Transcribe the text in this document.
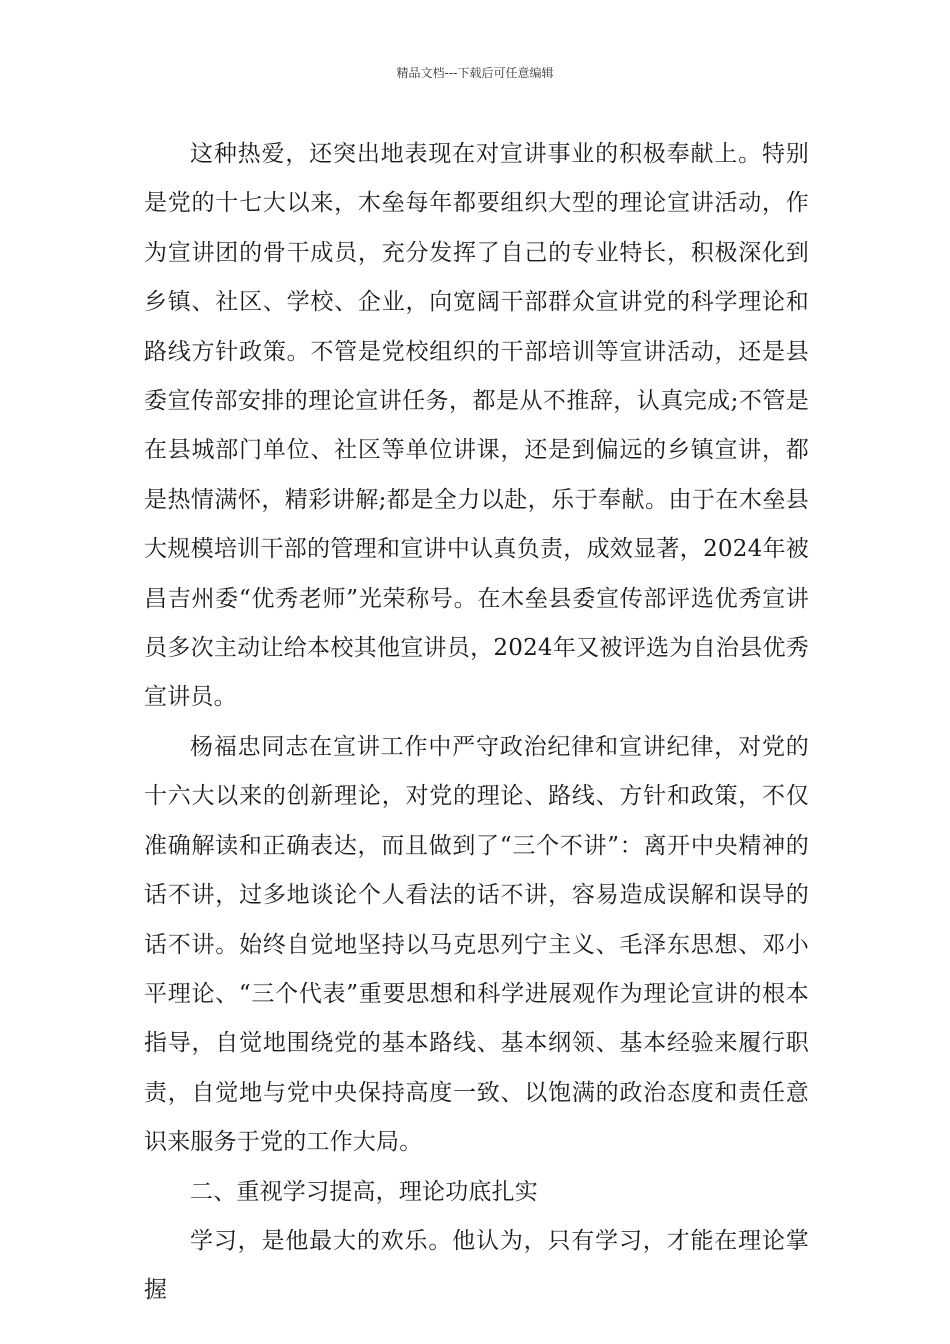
精品文档---下载后可任意编辑

这种热爱，还突出地表现在对宣讲事业的积极奉献上。特别是党的十七大以来，木垒每年都要组织大型的理论宣讲活动，作为宣讲团的骨干成员，充分发挥了自己的专业特长，积极深化到乡镇、社区、学校、企业，向宽阔干部群众宣讲党的科学理论和路线方针政策。不管是党校组织的干部培训等宣讲活动，还是县委宣传部安排的理论宣讲任务，都是从不推辞，认真完成;不管是在县城部门单位、社区等单位讲课，还是到偏远的乡镇宣讲，都是热情满怀，精彩讲解;都是全力以赴，乐于奉献。由于在木垒县大规模培训干部的管理和宣讲中认真负责，成效显著，2024年被昌吉州委“优秀老师”光荣称号。在木垒县委宣传部评选优秀宣讲员多次主动让给本校其他宣讲员，2024年又被评选为自治县优秀宣讲员。

杨福忠同志在宣讲工作中严守政治纪律和宣讲纪律，对党的十六大以来的创新理论，对党的理论、路线、方针和政策，不仅准确解读和正确表达，而且做到了“三个不讲”：离开中央精神的话不讲，过多地谈论个人看法的话不讲，容易造成误解和误导的话不讲。始终自觉地坚持以马克思列宁主义、毛泽东思想、邓小平理论、“三个代表”重要思想和科学进展观作为理论宣讲的根本指导，自觉地围绕党的基本路线、基本纲领、基本经验来履行职责，自觉地与党中央保持高度一致、以饱满的政治态度和责任意识来服务于党的工作大局。

二、重视学习提高，理论功底扎实

学习，是他最大的欢乐。他认为，只有学习，才能在理论掌握
